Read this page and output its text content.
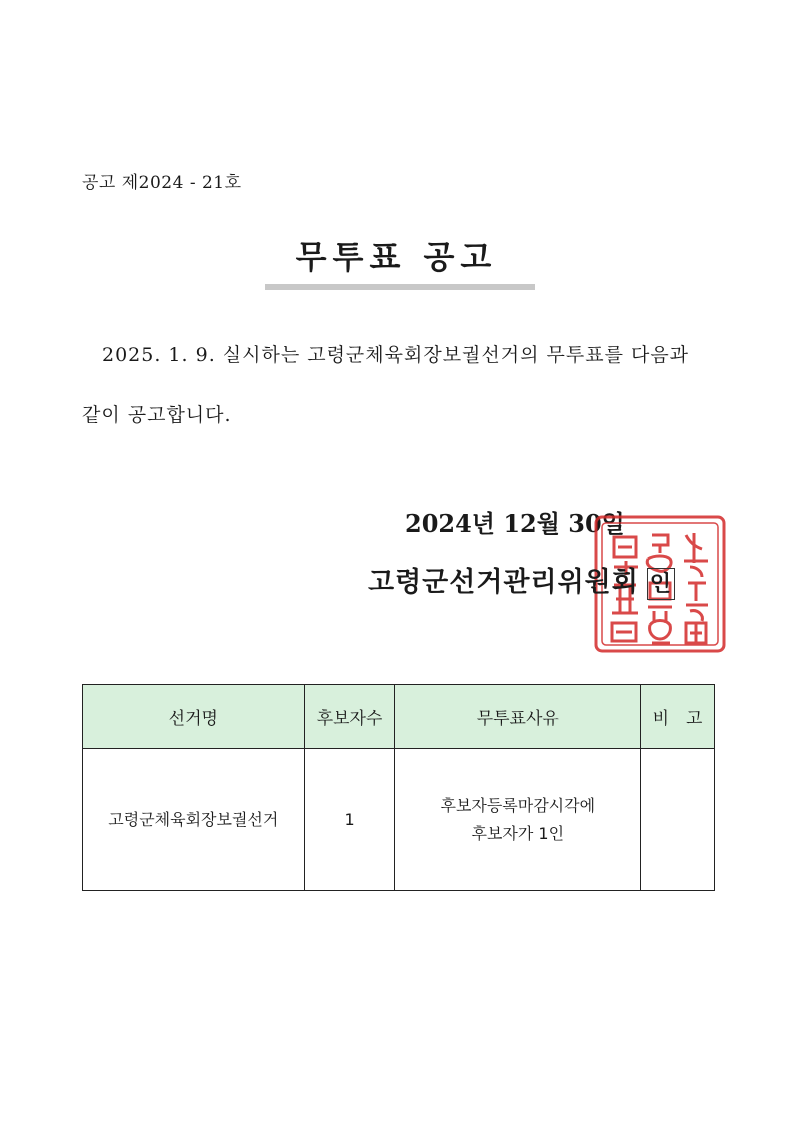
공고 제2024 - 21호
무투표 공고
2025. 1. 9. 실시하는 고령군체육회장보궐선거의 무투표를 다음과
같이 공고합니다.
2024년 12월 30일
고령군선거관리위원회 인
선거명	후보자수	무투표사유	비　고
고령군체육회장보궐선거	1	후보자등록마감시각에
후보자가 1인	
